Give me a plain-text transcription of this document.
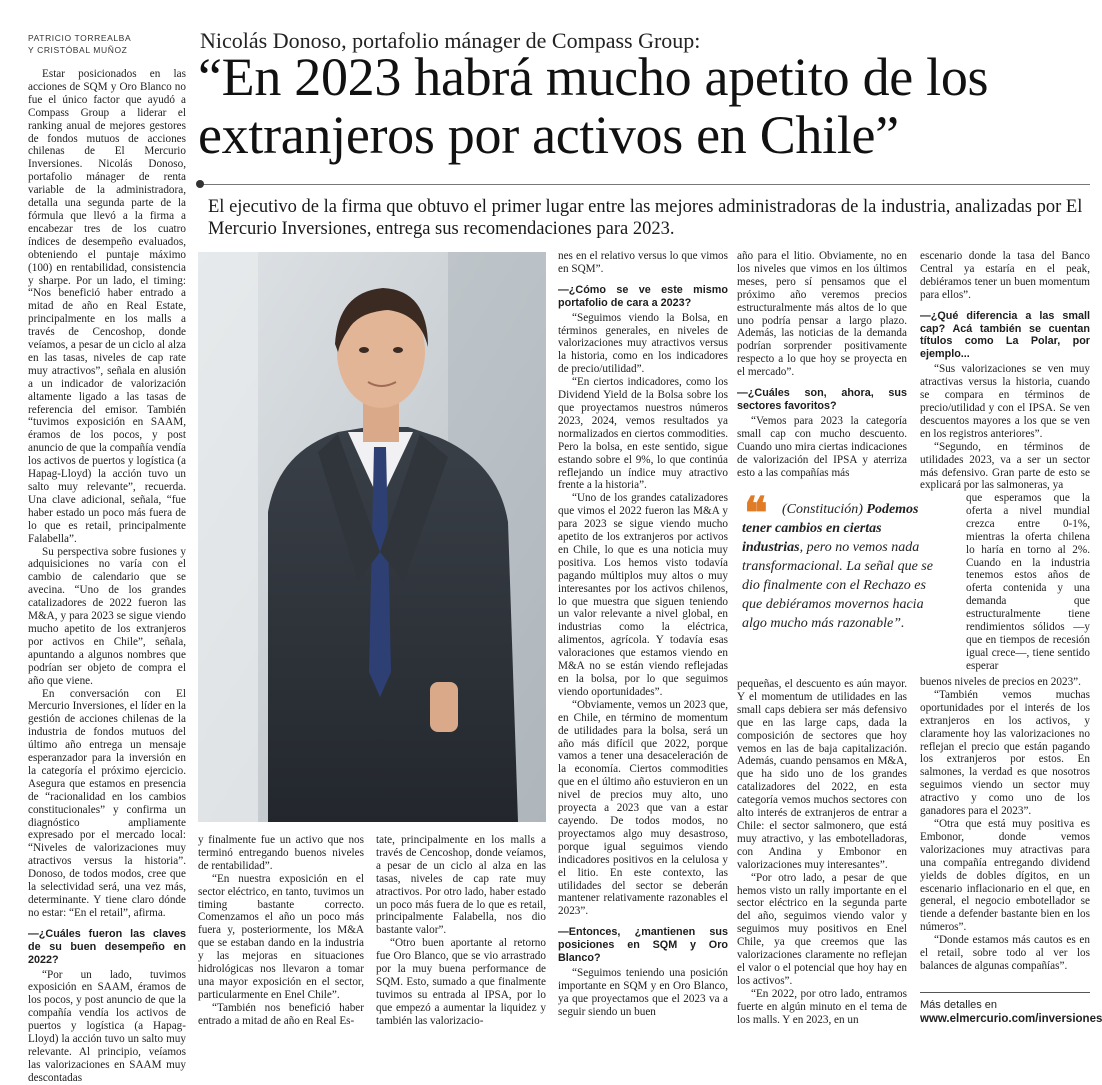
PATRICIO TORREALBA
Y CRISTÓBAL MUÑOZ	Nicolás Donoso, portafolio mánager de Compass Group:
“En 2023 habrá mucho apetito de los extranjeros por activos en Chile”
El ejecutivo de la firma que obtuvo el primer lugar entre las mejores administradoras de la industria, analizadas por El Mercurio Inversiones, entrega sus recomendaciones para 2023.

Estar posicionados en las acciones de SQM y Oro Blanco no fue el único factor que ayudó a Compass Group a liderar el ranking anual de mejores gestores de fondos mutuos de acciones chilenas de El Mercurio Inversiones. Nicolás Donoso, portafolio mánager de renta variable de la administradora, detalla una segunda parte de la fórmula que llevó a la firma a encabezar tres de los cuatro índices de desempeño evaluados, obteniendo el puntaje máximo (100) en rentabilidad, consistencia y sharpe. Por un lado, el timing: “Nos benefició haber entrado a mitad de año en Real Estate, principalmente en los malls a través de Cencoshop, donde veíamos, a pesar de un ciclo al alza en las tasas, niveles de cap rate muy atractivos”, señala en alusión a un indicador de valorización altamente ligado a las tasas de referencia del emisor. También “tuvimos exposición en SAAM, éramos de los pocos, y post anuncio de que la compañía vendía los activos de puertos y logística (a Hapag-Lloyd) la acción tuvo un salto muy relevante”, recuerda. Una clave adicional, señala, “fue haber estado un poco más fuera de lo que es retail, principalmente Falabella”.

Su perspectiva sobre fusiones y adquisiciones no varía con el cambio de calendario que se avecina. “Uno de los grandes catalizadores de 2022 fueron las M&A, y para 2023 se sigue viendo mucho apetito de los extranjeros por activos en Chile”, señala, apuntando a algunos nombres que podrían ser objeto de compra el año que viene.

En conversación con El Mercurio Inversiones, el líder en la gestión de acciones chilenas de la industria de fondos mutuos del último año entrega un mensaje esperanzador para la inversión en la categoría el próximo ejercicio. Asegura que estamos en presencia de “racionalidad en los cambios constitucionales” y confirma un diagnóstico ampliamente expresado por el mercado local: “Niveles de valorizaciones muy atractivos versus la historia”. Donoso, de todos modos, cree que la selectividad será, una vez más, determinante. Y tiene claro dónde no estar: “En el retail”, afirma.

—¿Cuáles fueron las claves de su buen desempeño en 2022?

“Por un lado, tuvimos exposición en SAAM, éramos de los pocos, y post anuncio de que la compañía vendía los activos de puertos y logística (a Hapag-Lloyd) la acción tuvo un salto muy relevante. Al principio, veíamos las valorizaciones en SAAM muy descontadas

y finalmente fue un activo que nos terminó entregando buenos niveles de rentabilidad”.

“En nuestra exposición en el sector eléctrico, en tanto, tuvimos un timing bastante correcto. Comenzamos el año un poco más fuera y, posteriormente, los M&A que se estaban dando en la industria y las mejoras en situaciones hidrológicas nos llevaron a tomar una mayor exposición en el sector, particularmente en Enel Chile”.

“También nos benefició haber entrado a mitad de año en Real Es-

tate, principalmente en los malls a través de Cencoshop, donde veíamos, a pesar de un ciclo al alza en las tasas, niveles de cap rate muy atractivos. Por otro lado, haber estado un poco más fuera de lo que es retail, principalmente Falabella, nos dio bastante valor”.

“Otro buen aportante al retorno fue Oro Blanco, que se vio arrastrado por la muy buena performance de SQM. Esto, sumado a que finalmente tuvimos su entrada al IPSA, por lo que empezó a aumentar la liquidez y también las valorizacio-

nes en el relativo versus lo que vimos en SQM”.

—¿Cómo se ve este mismo portafolio de cara a 2023?

“Seguimos viendo la Bolsa, en términos generales, en niveles de valorizaciones muy atractivos versus la historia, como en los indicadores de precio/utilidad”.

“En ciertos indicadores, como los Dividend Yield de la Bolsa sobre los que proyectamos nuestros números 2023, 2024, vemos resultados ya normalizados en ciertos commodities. Pero la bolsa, en este sentido, sigue estando sobre el 9%, lo que continúa reflejando un índice muy atractivo frente a la historia”.

“Uno de los grandes catalizadores que vimos el 2022 fueron las M&A y para 2023 se sigue viendo mucho apetito de los extranjeros por activos en Chile, lo que es una noticia muy positiva. Los hemos visto todavía pagando múltiplos muy altos o muy interesantes por los activos chilenos, lo que muestra que siguen teniendo un valor relevante a nivel global, en industrias como la eléctrica, alimentos, agrícola. Y todavía esas valoraciones que estamos viendo en M&A no se están viendo reflejadas en la bolsa, por lo que seguimos viendo oportunidades”.

“Obviamente, vemos un 2023 que, en Chile, en término de momentum de utilidades para la bolsa, será un año más difícil que 2022, porque vamos a tener una desaceleración de la economía. Ciertos commodities que en el último año estuvieron en un nivel de precios muy alto, uno proyecta a 2023 que van a estar cayendo. De todos modos, no proyectamos algo muy desastroso, porque igual seguimos viendo indicadores positivos en la celulosa y el litio. En este contexto, las utilidades del sector se deberán mantener relativamente razonables el 2023”.

—Entonces, ¿mantienen sus posiciones en SQM y Oro Blanco?

“Seguimos teniendo una posición importante en SQM y en Oro Blanco, ya que proyectamos que el 2023 va a seguir siendo un buen

año para el litio. Obviamente, no en los niveles que vimos en los últimos meses, pero sí pensamos que el próximo año veremos precios estructuralmente más altos de lo que uno podría pensar a largo plazo. Además, las noticias de la demanda podrían sorprender positivamente respecto a lo que hoy se proyecta en el mercado”.

—¿Cuáles son, ahora, sus sectores favoritos?

“Vemos para 2023 la categoría small cap con mucho descuento. Cuando uno mira ciertas indicaciones de valorización del IPSA y aterriza esto a las compañías más

❝	(Constitución) Podemos tener cambios en ciertas industrias, pero no vemos nada transformacional. La señal que se dio finalmente con el Rechazo es que debiéramos movernos hacia algo mucho más razonable”.

pequeñas, el descuento es aún mayor. Y el momentum de utilidades en las small caps debiera ser más defensivo que en las large caps, dada la composición de sectores que hoy vemos en las de baja capitalización. Además, cuando pensamos en M&A, que ha sido uno de los grandes catalizadores del 2022, en esta categoría vemos muchos sectores con alto interés de extranjeros de entrar a Chile: el sector salmonero, que está muy atractivo, y las embotelladoras, con Andina y Embonor en valorizaciones muy interesantes”.

“Por otro lado, a pesar de que hemos visto un rally importante en el sector eléctrico en la segunda parte del año, seguimos viendo valor y seguimos muy positivos en Enel Chile, ya que creemos que las valorizaciones claramente no reflejan el valor o el potencial que hoy hay en los activos”.

“En 2022, por otro lado, entramos fuerte en algún minuto en el tema de los malls. Y en 2023, en un

escenario donde la tasa del Banco Central ya estaría en el peak, debiéramos tener un buen momentum para ellos”.

—¿Qué diferencia a las small cap? Acá también se cuentan títulos como La Polar, por ejemplo...

“Sus valorizaciones se ven muy atractivas versus la historia, cuando se compara en términos de precio/utilidad y con el IPSA. Se ven descuentos mayores a los que se ven en los registros anteriores”.

“Segundo, en términos de utilidades 2023, va a ser un sector más defensivo. Gran parte de esto se explicará por las salmoneras, ya

que esperamos que la oferta a nivel mundial crezca entre 0-1%, mientras la oferta chilena lo haría en torno al 2%. Cuando en la industria tenemos estos años de oferta contenida y una demanda que estructuralmente tiene rendimientos sólidos —y que en tiempos de recesión igual crece—, tiene sentido esperar

buenos niveles de precios en 2023”.

“También vemos muchas oportunidades por el interés de los extranjeros en los activos, y claramente hoy las valorizaciones no reflejan el precio que están pagando los extranjeros por estos. En salmones, la verdad es que nosotros seguimos viendo un sector muy atractivo y como uno de los ganadores para el 2023”.

“Otra que está muy positiva es Embonor, donde vemos valorizaciones muy atractivas para una compañía entregando dividend yields de dobles dígitos, en un escenario inflacionario en el que, en general, el negocio embotellador se tiende a defender bastante bien en los números”.

“Donde estamos más cautos es en el retail, sobre todo al ver los balances de algunas compañías”.

Más detalles en
www.elmercurio.com/inversiones
